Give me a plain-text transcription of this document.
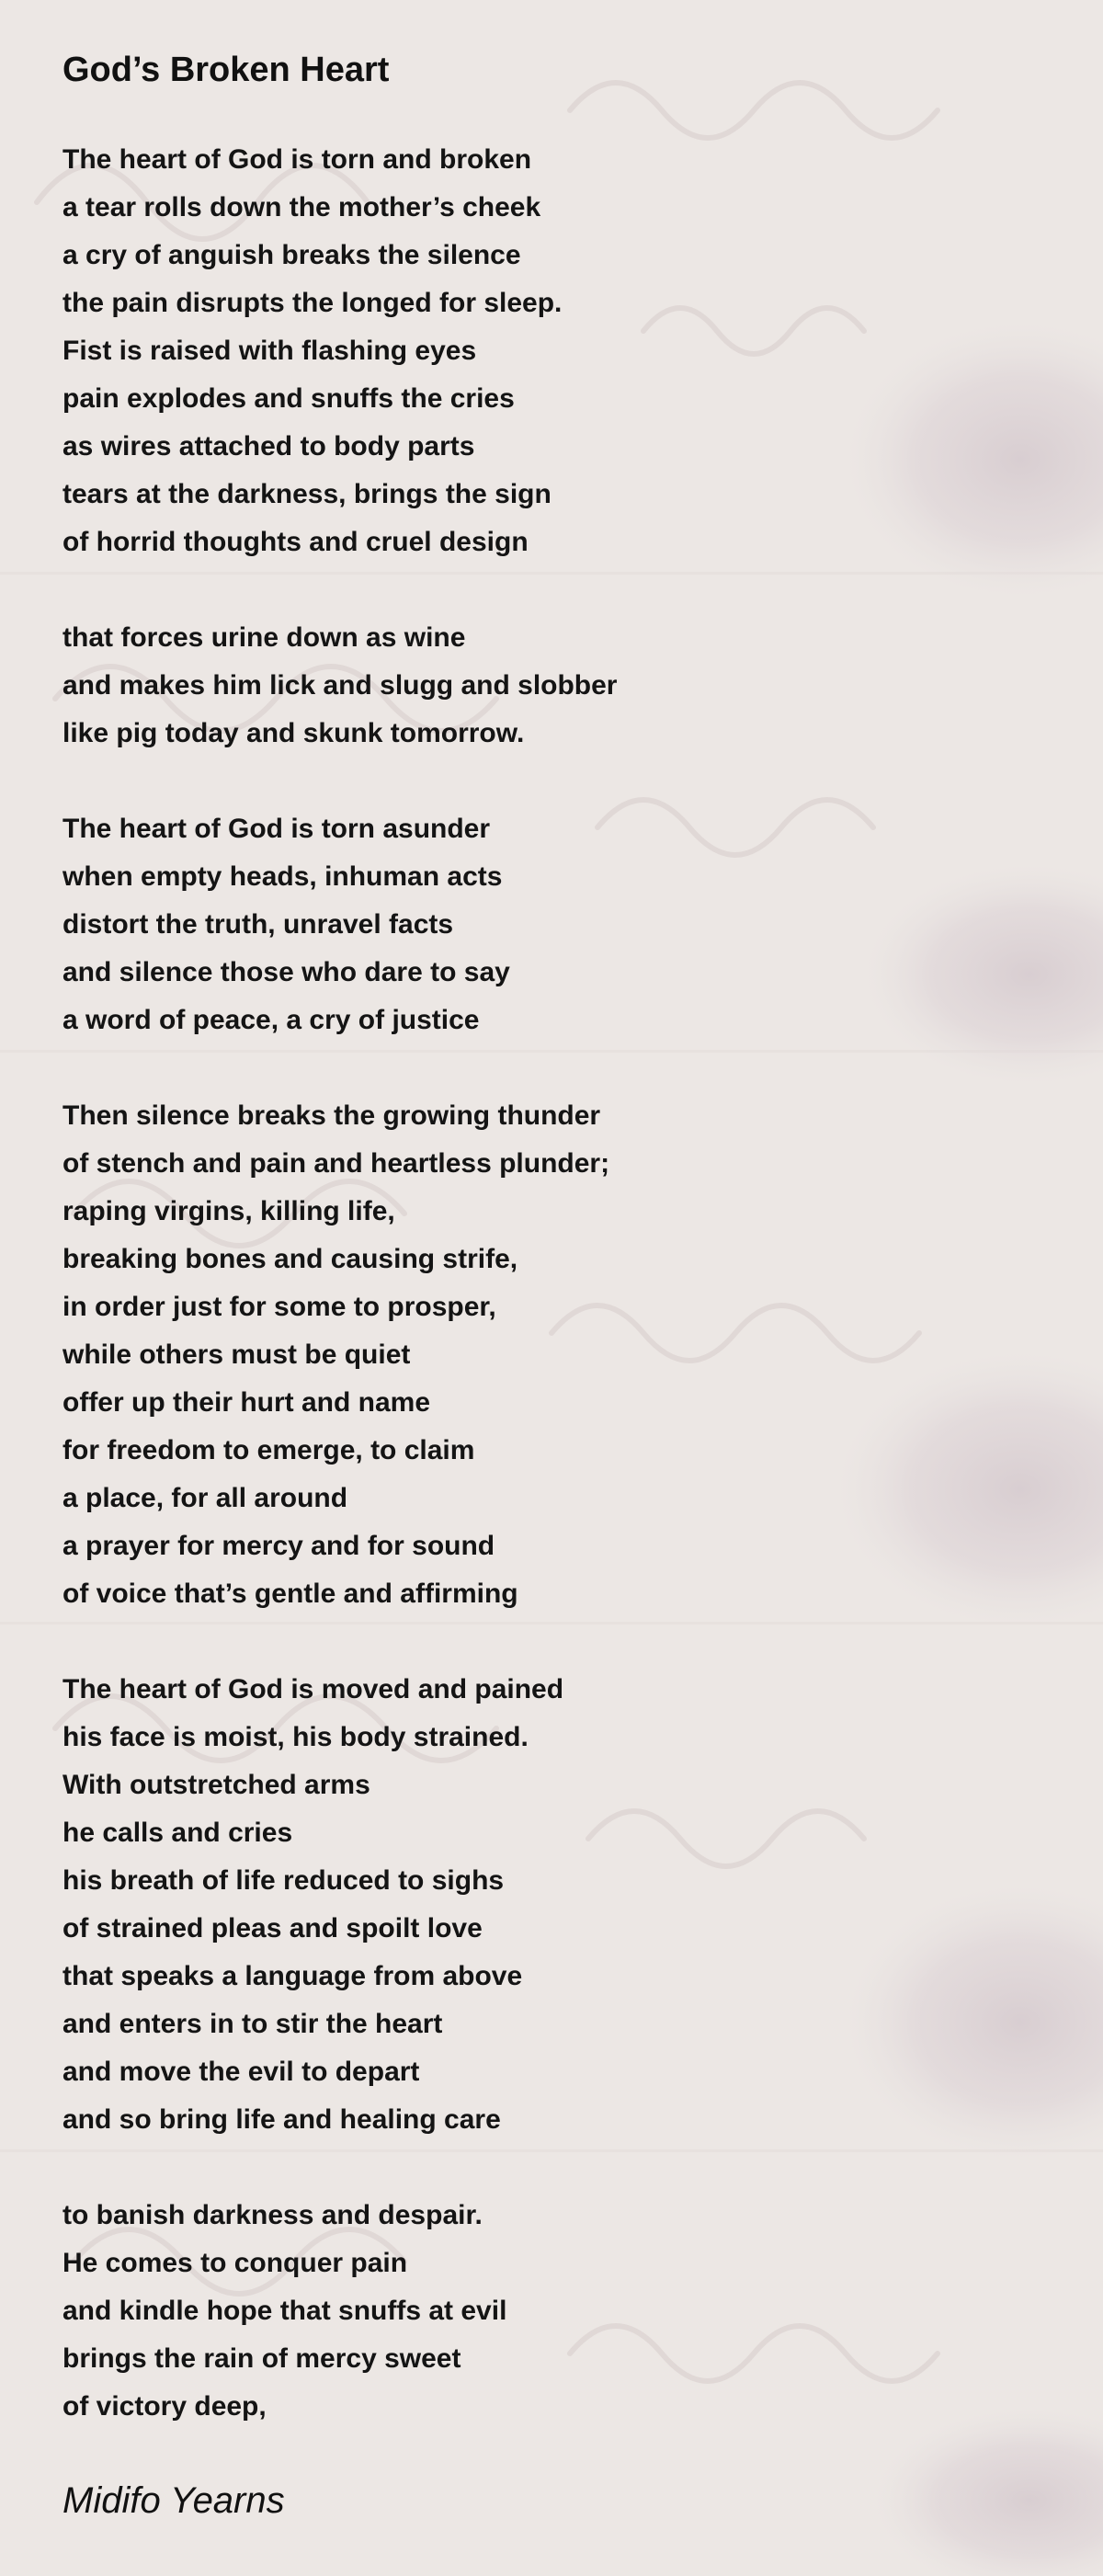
God’s Broken Heart
The heart of God is torn and broken
a tear rolls down the mother’s cheek
a cry of anguish breaks the silence
the pain disrupts the longed for sleep.
Fist is raised with flashing eyes
pain explodes and snuffs the cries
as wires attached to body parts
tears at the darkness, brings the sign
of horrid thoughts and cruel design
that forces urine down as wine
and makes him lick and slugg and slobber
like pig today and skunk tomorrow.
The heart of God is torn asunder
when empty heads, inhuman acts
distort the truth, unravel facts
and silence those who dare to say
a word of peace, a cry of justice
Then silence breaks the growing thunder
of stench and pain and heartless plunder;
raping virgins, killing life,
breaking bones and causing strife,
in order just for some to prosper,
while others must be quiet
offer up their hurt and name
for freedom to emerge, to claim
a place, for all around
a prayer for mercy and for sound
of voice that’s gentle and affirming
The heart of God is moved and pained
his face is moist, his body strained.
With outstretched arms
he calls and cries
his breath of life reduced to sighs
of strained pleas and spoilt love
that speaks a language from above
and enters in to stir the heart
and move the evil to depart
and so bring life and healing care
to banish darkness and despair.
He comes to conquer pain
and kindle hope that snuffs at evil
brings the rain of mercy sweet
of victory deep,
Midifo Yearns
